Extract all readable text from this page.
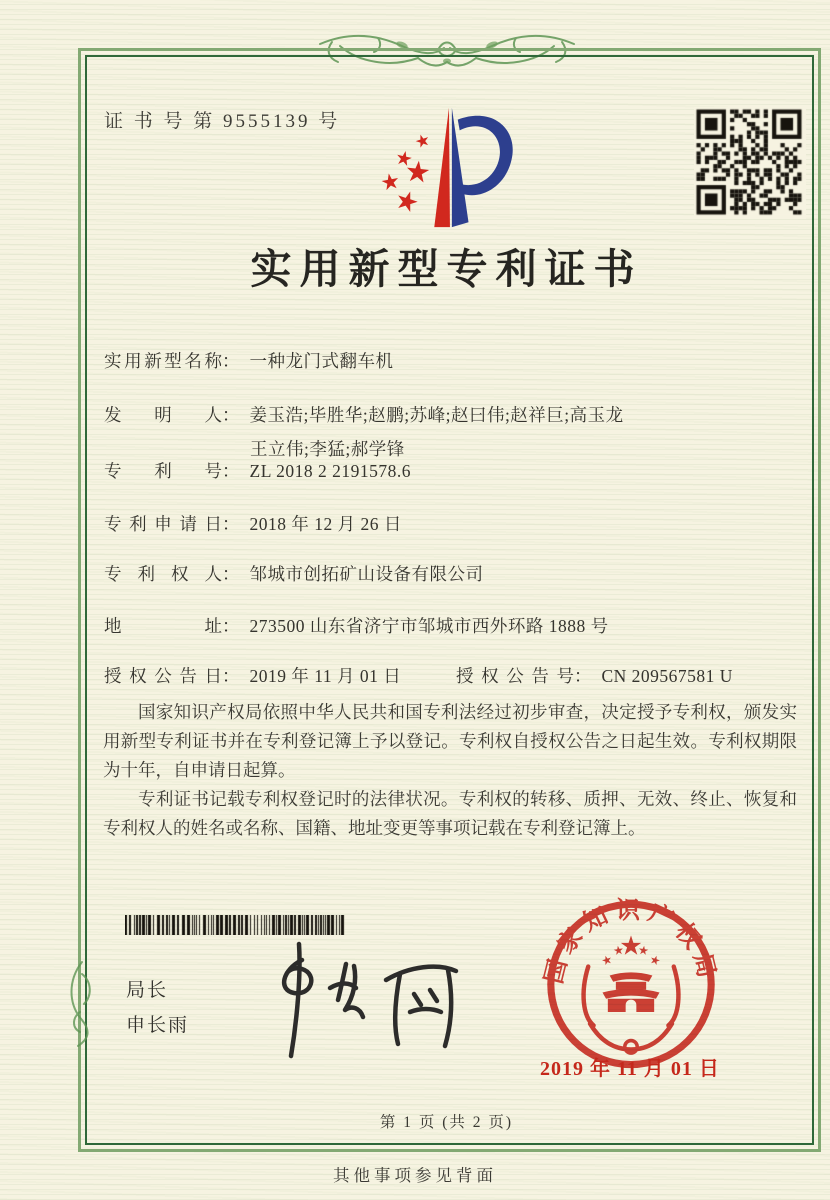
证 书 号 第 9555139 号
实用新型专利证书
实用新型名称： 一种龙门式翻车机
发明人： 姜玉浩;毕胜华;赵鹏;苏峰;赵曰伟;赵祥巨;高玉龙
王立伟;李猛;郝学锋
专利号： ZL 2018 2 2191578.6
专利申请日： 2018 年 12 月 26 日
专利权人： 邹城市创拓矿山设备有限公司
地址： 273500 山东省济宁市邹城市西外环路 1888 号
授权公告日： 2019 年 11 月 01 日	授权公告号： CN 209567581 U

国家知识产权局依照中华人民共和国专利法经过初步审查，决定授予专利权，颁发实用新型专利证书并在专利登记簿上予以登记。专利权自授权公告之日起生效。专利权期限为十年，自申请日起算。

专利证书记载专利权登记时的法律状况。专利权的转移、质押、无效、终止、恢复和专利权人的姓名或名称、国籍、地址变更等事项记载在专利登记簿上。

局长
申长雨
国家知识产权局
2019 年 11 月 01 日
第 1 页 (共 2 页)
其他事项参见背面
